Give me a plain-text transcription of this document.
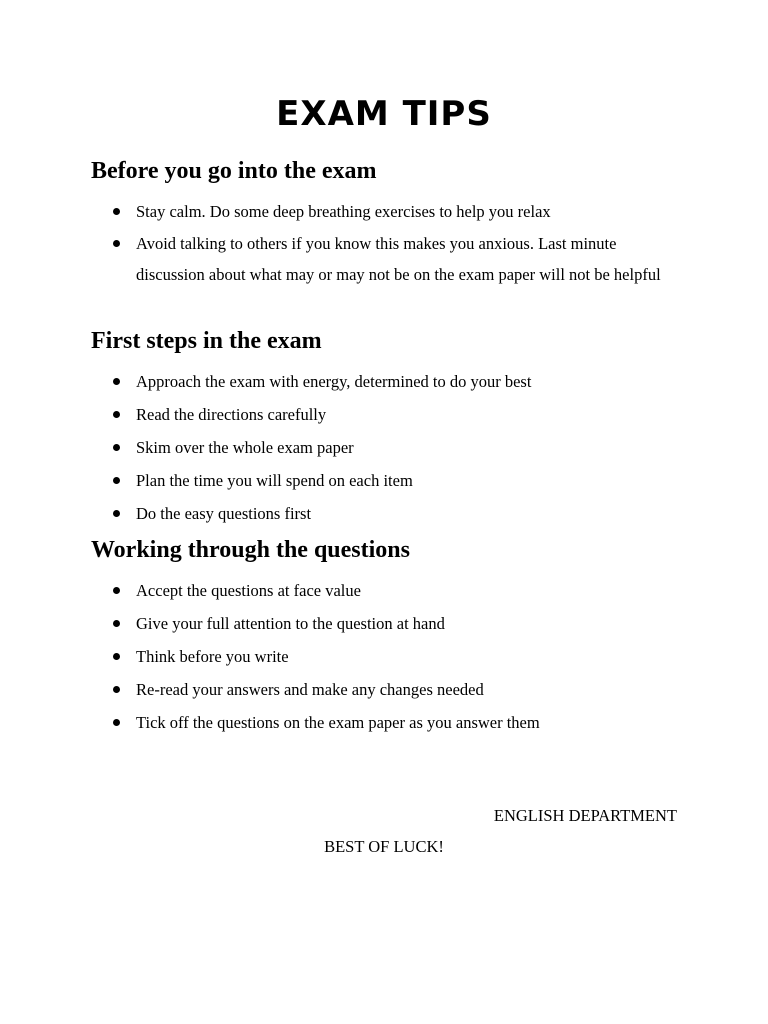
EXAM TIPS
Before you go into the exam
Stay calm. Do some deep breathing exercises to help you relax
Avoid talking to others if you know this makes you anxious. Last minute discussion about what may or may not be on the exam paper will not be helpful
First steps in the exam
Approach the exam with energy, determined to do your best
Read the directions carefully
Skim over the whole exam paper
Plan the time you will spend on each item
Do the easy questions first
Working through the questions
Accept the questions at face value
Give your full attention to the question at hand
Think before you write
Re-read your answers and make any changes needed
Tick off the questions on the exam paper as you answer them
ENGLISH DEPARTMENT
BEST OF LUCK!
